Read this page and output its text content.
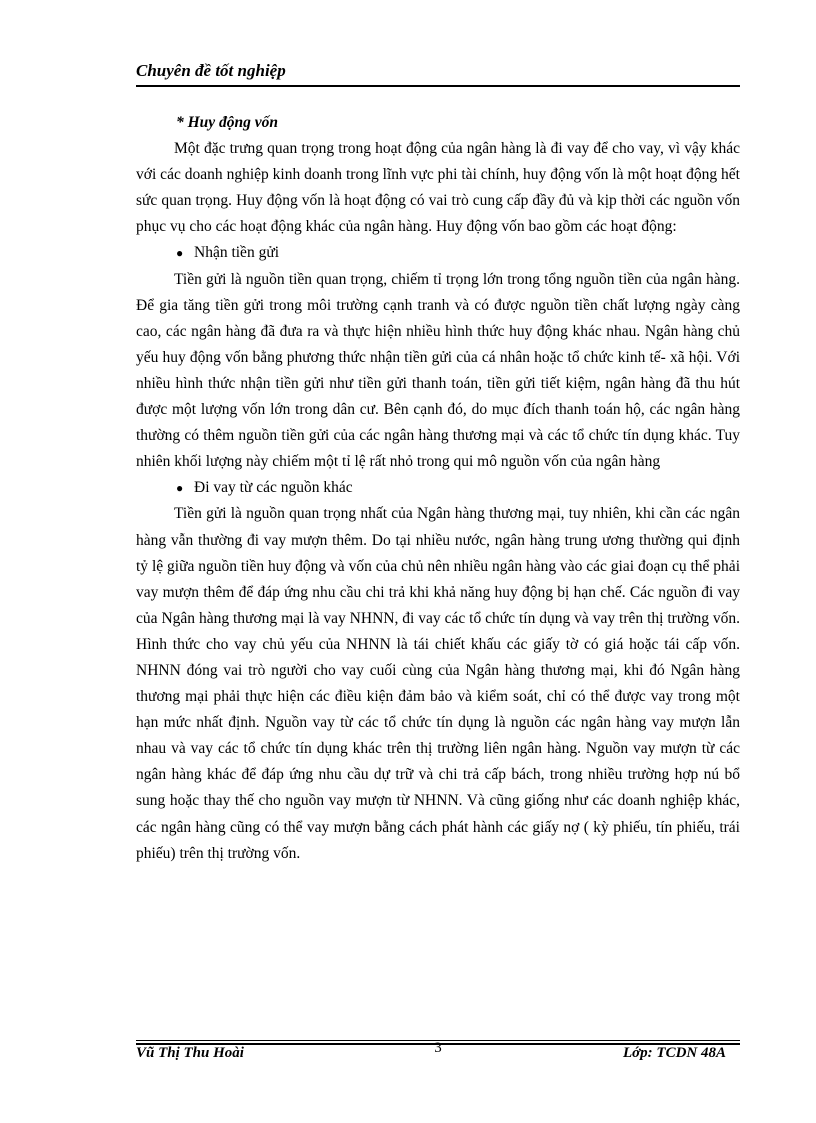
Chuyên đề tốt nghiệp

* Huy động vốn

Một đặc trưng quan trọng trong hoạt động của ngân hàng là đi vay để cho vay, vì vậy khác với các doanh nghiệp kinh doanh trong lĩnh vực phi tài chính, huy động vốn là một hoạt động hết sức quan trọng. Huy động vốn là hoạt động có vai trò cung cấp đầy đủ và kịp thời các nguồn vốn phục vụ cho các hoạt động khác của ngân hàng. Huy động vốn bao gồm các hoạt động:

● Nhận tiền gửi

Tiền gửi là nguồn tiền quan trọng, chiếm tỉ trọng lớn trong tổng nguồn tiền của ngân hàng. Để gia tăng tiền gửi trong môi trường cạnh tranh và có được nguồn tiền chất lượng ngày càng cao, các ngân hàng đã đưa ra và thực hiện nhiều hình thức huy động khác nhau. Ngân hàng chủ yếu huy động vốn bằng phương thức nhận tiền gửi của cá nhân hoặc tổ chức kinh tế- xã hội. Với nhiều hình thức nhận tiền gửi như tiền gửi thanh toán, tiền gửi tiết kiệm, ngân hàng đã thu hút được một lượng vốn lớn trong dân cư. Bên cạnh đó, do mục đích thanh toán hộ, các ngân hàng thường có thêm nguồn tiền gửi của các ngân hàng thương mại và các tổ chức tín dụng khác. Tuy nhiên khối lượng này chiếm một tỉ lệ rất nhỏ trong qui mô nguồn vốn của ngân hàng

● Đi vay từ các nguồn khác

Tiền gửi là nguồn quan trọng nhất của Ngân hàng thương mại, tuy nhiên, khi cần các ngân hàng vẫn thường đi vay mượn thêm. Do tại nhiều nước, ngân hàng trung ương thường qui định tỷ lệ giữa nguồn tiền huy động và vốn của chủ nên nhiều ngân hàng vào các giai đoạn cụ thể phải vay mượn thêm để đáp ứng nhu cầu chi trả khi khả năng huy động bị hạn chế. Các nguồn đi vay của Ngân hàng thương mại là vay NHNN, đi vay các tổ chức tín dụng và vay trên thị trường vốn. Hình thức cho vay chủ yếu của NHNN là tái chiết khấu các giấy tờ có giá hoặc tái cấp vốn. NHNN đóng vai trò người cho vay cuối cùng của Ngân hàng thương mại, khi đó Ngân hàng thương mại phải thực hiện các điều kiện đảm bảo và kiểm soát, chỉ có thể được vay trong một hạn mức nhất định. Nguồn vay từ các tổ chức tín dụng là nguồn các ngân hàng vay mượn lẫn nhau và vay các tổ chức tín dụng khác trên thị trường liên ngân hàng. Nguồn vay mượn từ các ngân hàng khác để đáp ứng nhu cầu dự trữ và chi trả cấp bách, trong nhiều trường hợp nú bổ sung hoặc thay thế cho nguồn vay mượn từ NHNN. Và cũng giống như các doanh nghiệp khác, các ngân hàng cũng có thể vay mượn bằng cách phát hành các giấy nợ ( kỳ phiếu, tín phiếu, trái phiếu) trên thị trường vốn.

3
Vũ Thị Thu Hoài	Lớp: TCDN 48A
